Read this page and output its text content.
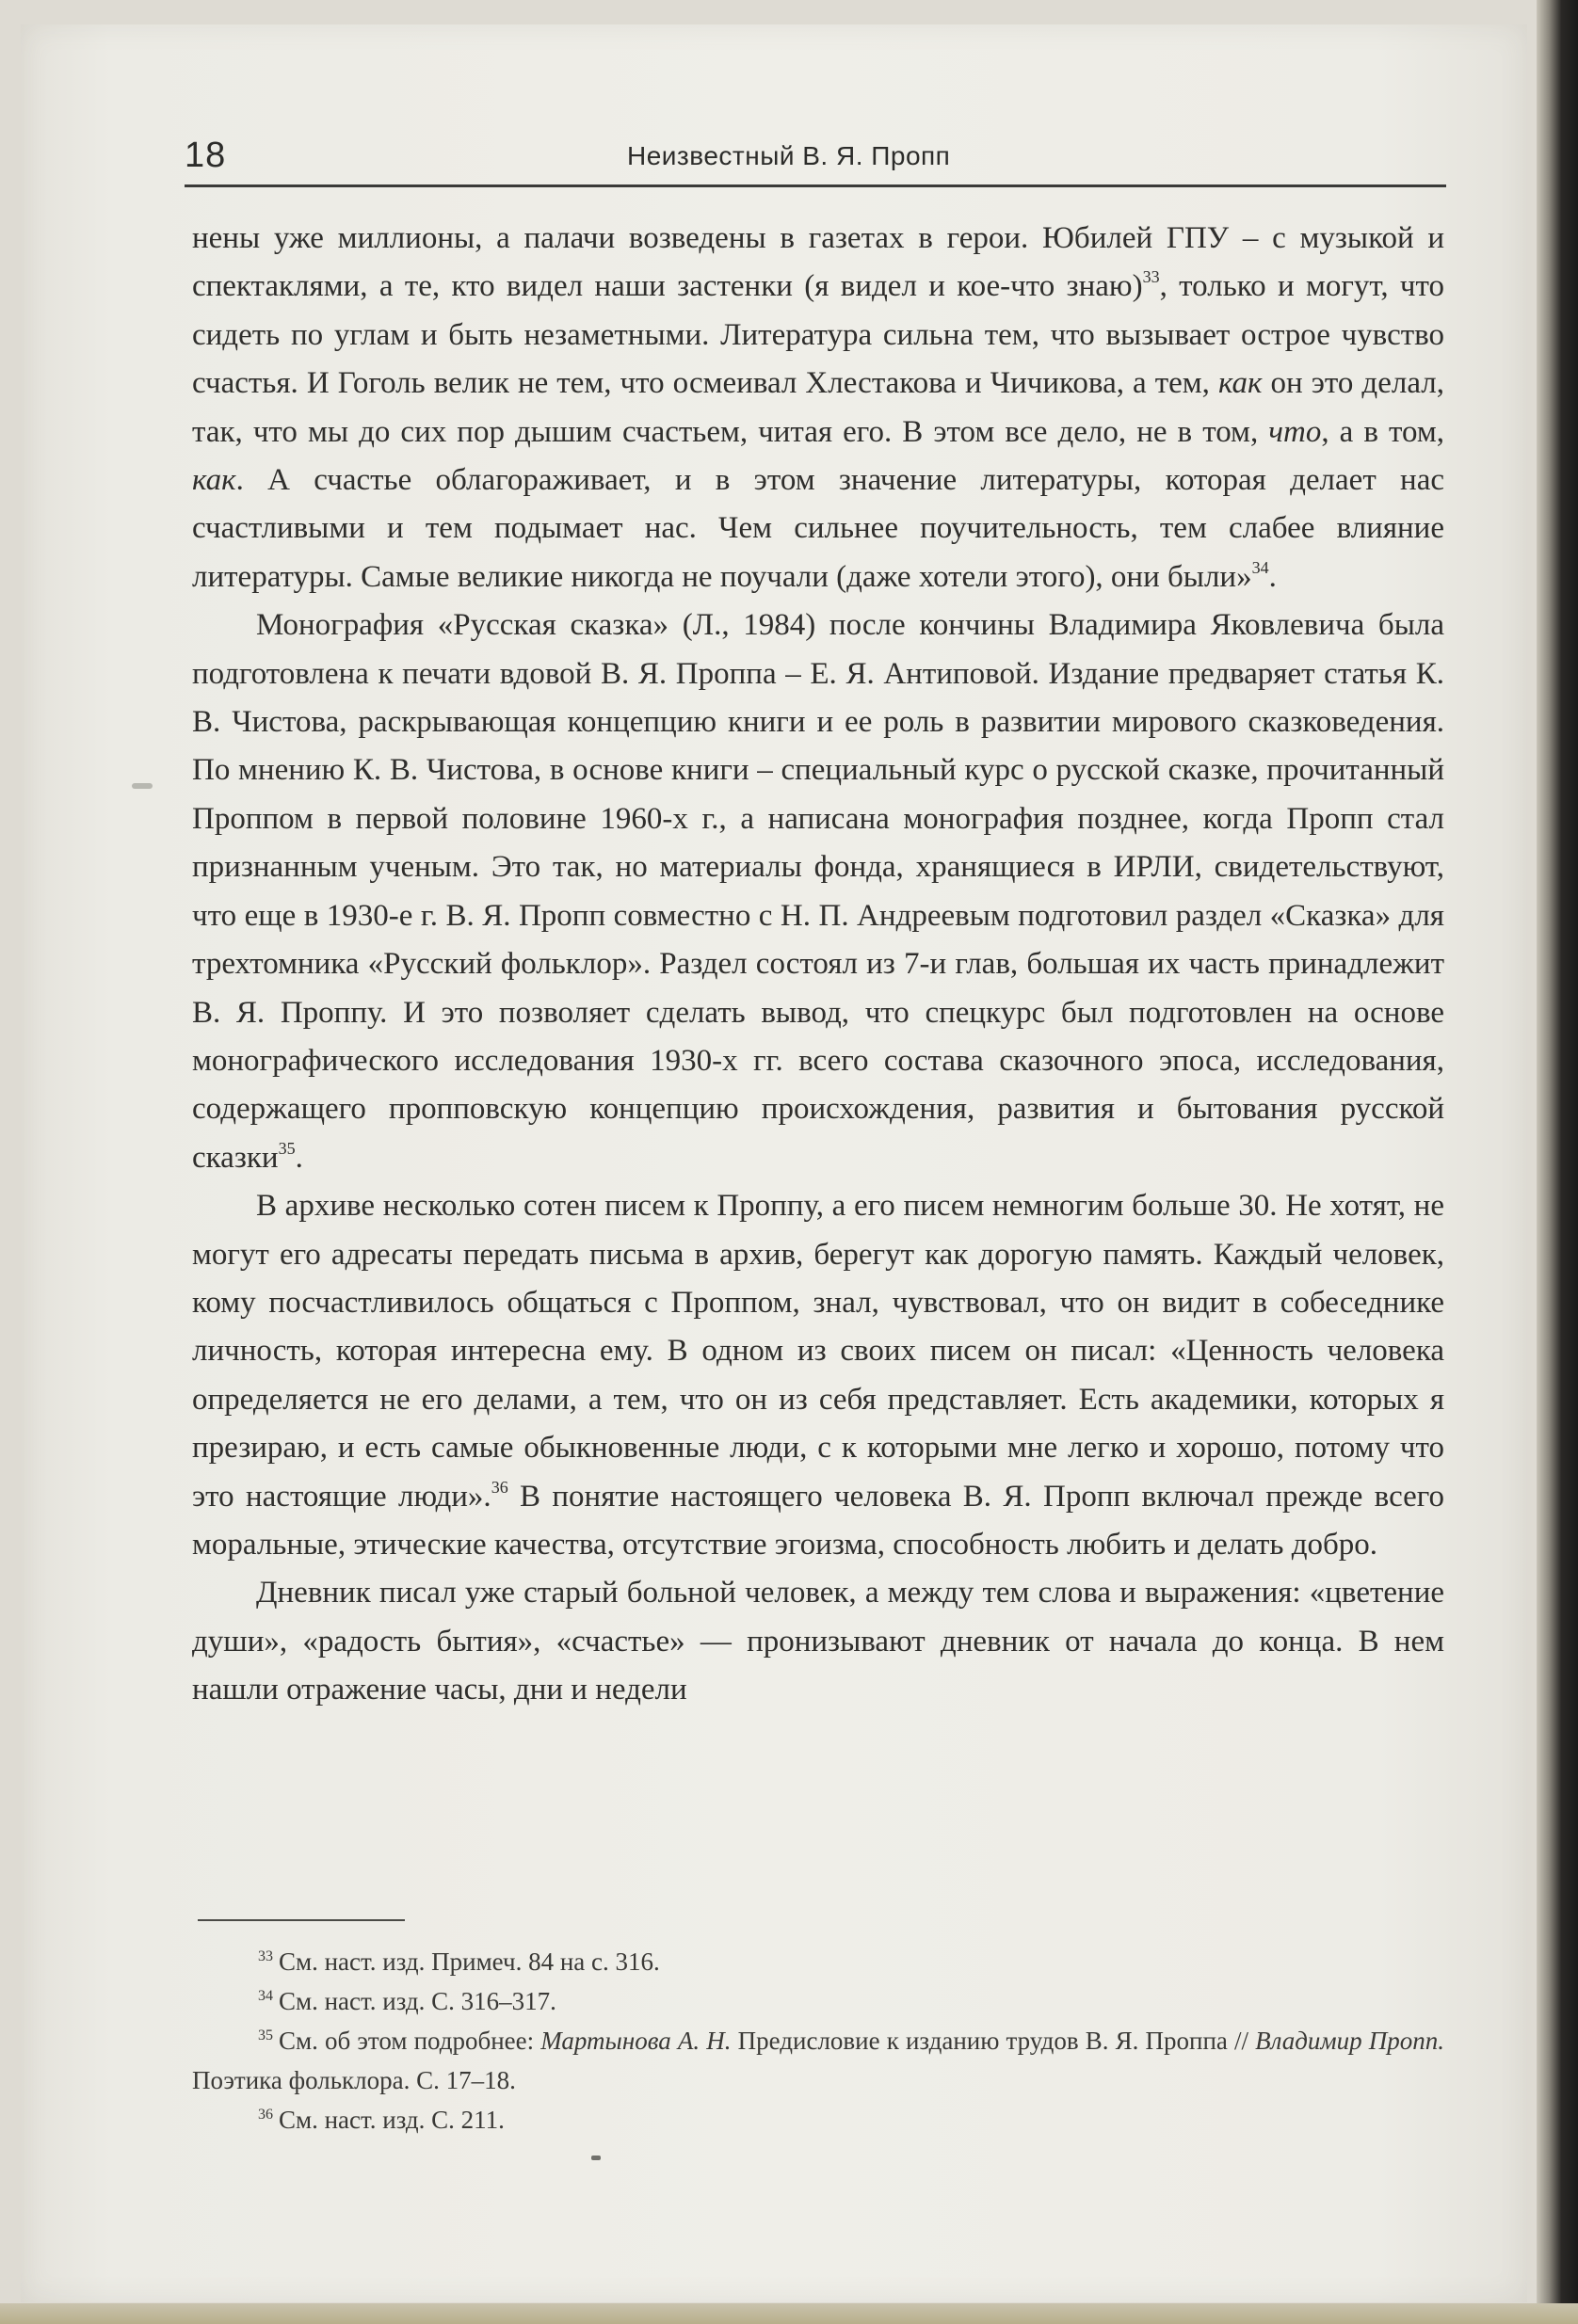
18	Неизвестный В. Я. Пропп

нены уже миллионы, а палачи возведены в газетах в герои. Юбилей ГПУ – с музыкой и спектаклями, а те, кто видел наши застенки (я видел и кое-что знаю)$^{33}$, только и могут, что сидеть по углам и быть незаметными. Литература сильна тем, что вызывает острое чувство счастья. И Гоголь велик не тем, что осмеивал Хлестакова и Чичикова, а тем, как он это делал, так, что мы до сих пор дышим счастьем, читая его. В этом все дело, не в том, что, а в том, как. А счастье облагораживает, и в этом значение литературы, которая делает нас счастливыми и тем подымает нас. Чем сильнее поучительность, тем слабее влияние литературы. Самые великие никогда не поучали (даже хотели этого), они были»$^{34}$.

Монография «Русская сказка» (Л., 1984) после кончины Владимира Яковлевича была подготовлена к печати вдовой В. Я. Проппа – Е. Я. Антиповой. Издание предваряет статья К. В. Чистова, раскрывающая концепцию книги и ее роль в развитии мирового сказковедения. По мнению К. В. Чистова, в основе книги – специальный курс о русской сказке, прочитанный Проппом в первой половине 1960-х г., а написана монография позднее, когда Пропп стал признанным ученым. Это так, но материалы фонда, хранящиеся в ИРЛИ, свидетельствуют, что еще в 1930-е г. В. Я. Пропп совместно с Н. П. Андреевым подготовил раздел «Сказка» для трехтомника «Русский фольклор». Раздел состоял из 7-и глав, большая их часть принадлежит В. Я. Проппу. И это позволяет сделать вывод, что спецкурс был подготовлен на основе монографического исследования 1930-х гг. всего состава сказочного эпоса, исследования, содержащего пропповскую концепцию происхождения, развития и бытования русской сказки$^{35}$.

В архиве несколько сотен писем к Проппу, а его писем немногим больше 30. Не хотят, не могут его адресаты передать письма в архив, берегут как дорогую память. Каждый человек, кому посчастливилось общаться с Проппом, знал, чувствовал, что он видит в собеседнике личность, которая интересна ему. В одном из своих писем он писал: «Ценность человека определяется не его делами, а тем, что он из себя представляет. Есть академики, которых я презираю, и есть самые обыкновенные люди, с к которыми мне легко и хорошо, потому что это настоящие люди».$^{36}$ В понятие настоящего человека В. Я. Пропп включал прежде всего моральные, этические качества, отсутствие эгоизма, способность любить и делать добро.

Дневник писал уже старый больной человек, а между тем слова и выражения: «цветение души», «радость бытия», «счастье» — пронизывают дневник от начала до конца. В нем нашли отражение часы, дни и недели

$^{33}$ См. наст. изд. Примеч. 84 на с. 316.

$^{34}$ См. наст. изд. С. 316–317.

$^{35}$ См. об этом подробнее: Мартынова А. Н. Предисловие к изданию трудов В. Я. Проппа // Владимир Пропп. Поэтика фольклора. С. 17–18.

$^{36}$ См. наст. изд. С. 211.
